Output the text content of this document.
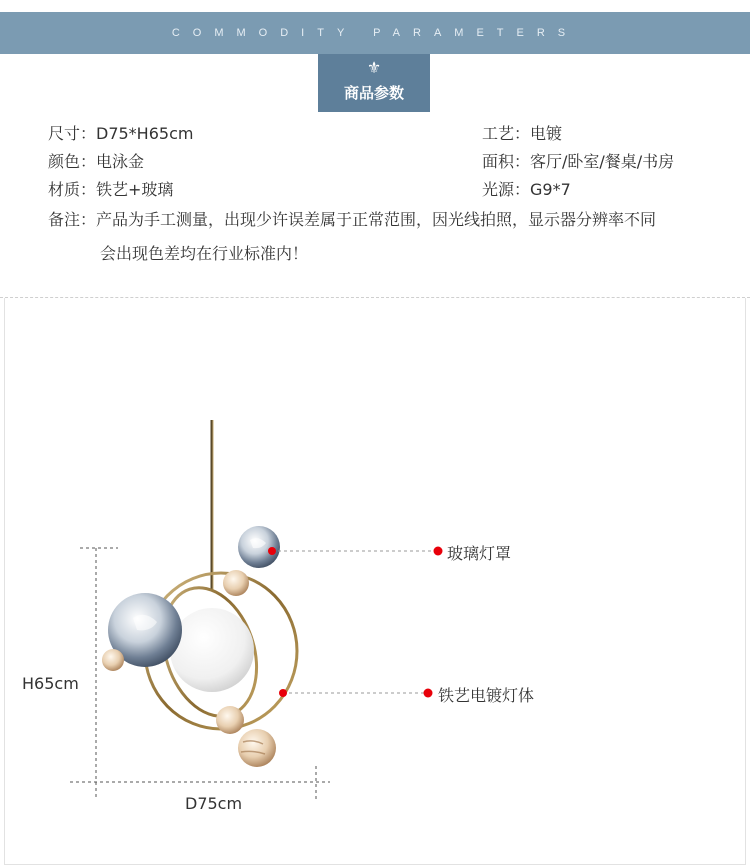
COMMODITY PARAMETERS
⚜
商品参数
尺寸：D75*H65cm
颜色：电泳金
材质：铁艺+玻璃
工艺：电镀
面积：客厅/卧室/餐桌/书房
光源：G9*7
备注：产品为手工测量，出现少许误差属于正常范围，因光线拍照，显示器分辨率不同
会出现色差均在行业标准内！
玻璃灯罩
铁艺电镀灯体
H65cm
D75cm
